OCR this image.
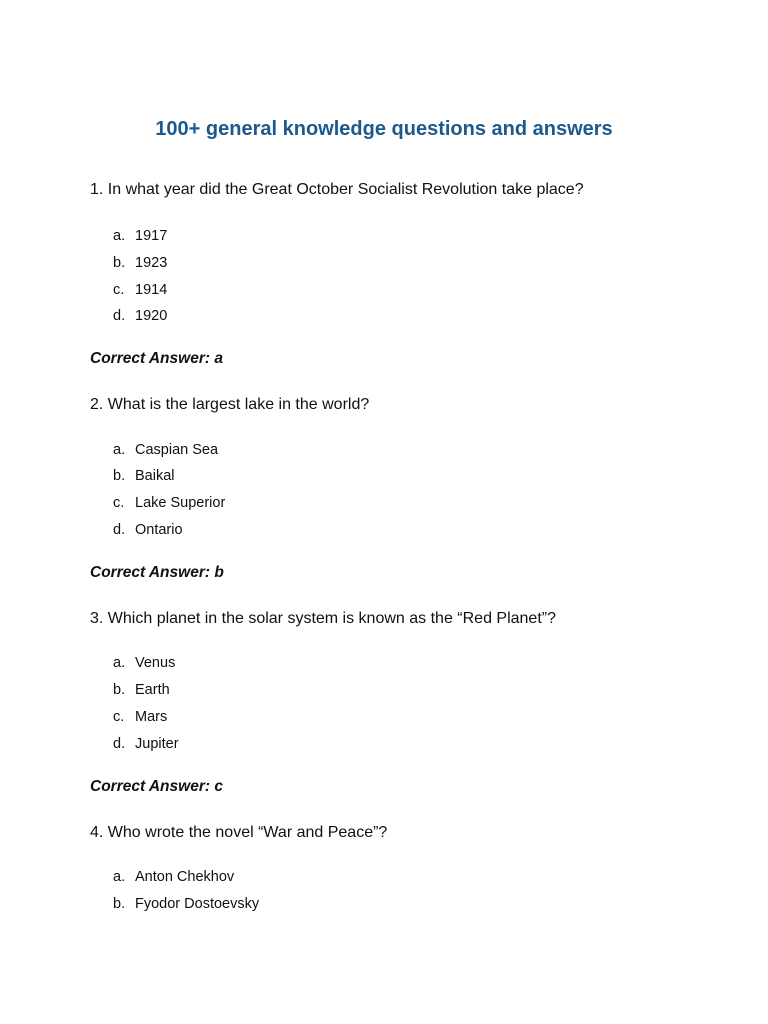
100+ general knowledge questions and answers

1. In what year did the Great October Socialist Revolution take place?

a. 1917
b. 1923
c. 1914
d. 1920

Correct Answer: a

2. What is the largest lake in the world?

a. Caspian Sea
b. Baikal
c. Lake Superior
d. Ontario

Correct Answer: b

3. Which planet in the solar system is known as the “Red Planet”?

a. Venus
b. Earth
c. Mars
d. Jupiter

Correct Answer: c

4. Who wrote the novel “War and Peace”?

a. Anton Chekhov
b. Fyodor Dostoevsky
